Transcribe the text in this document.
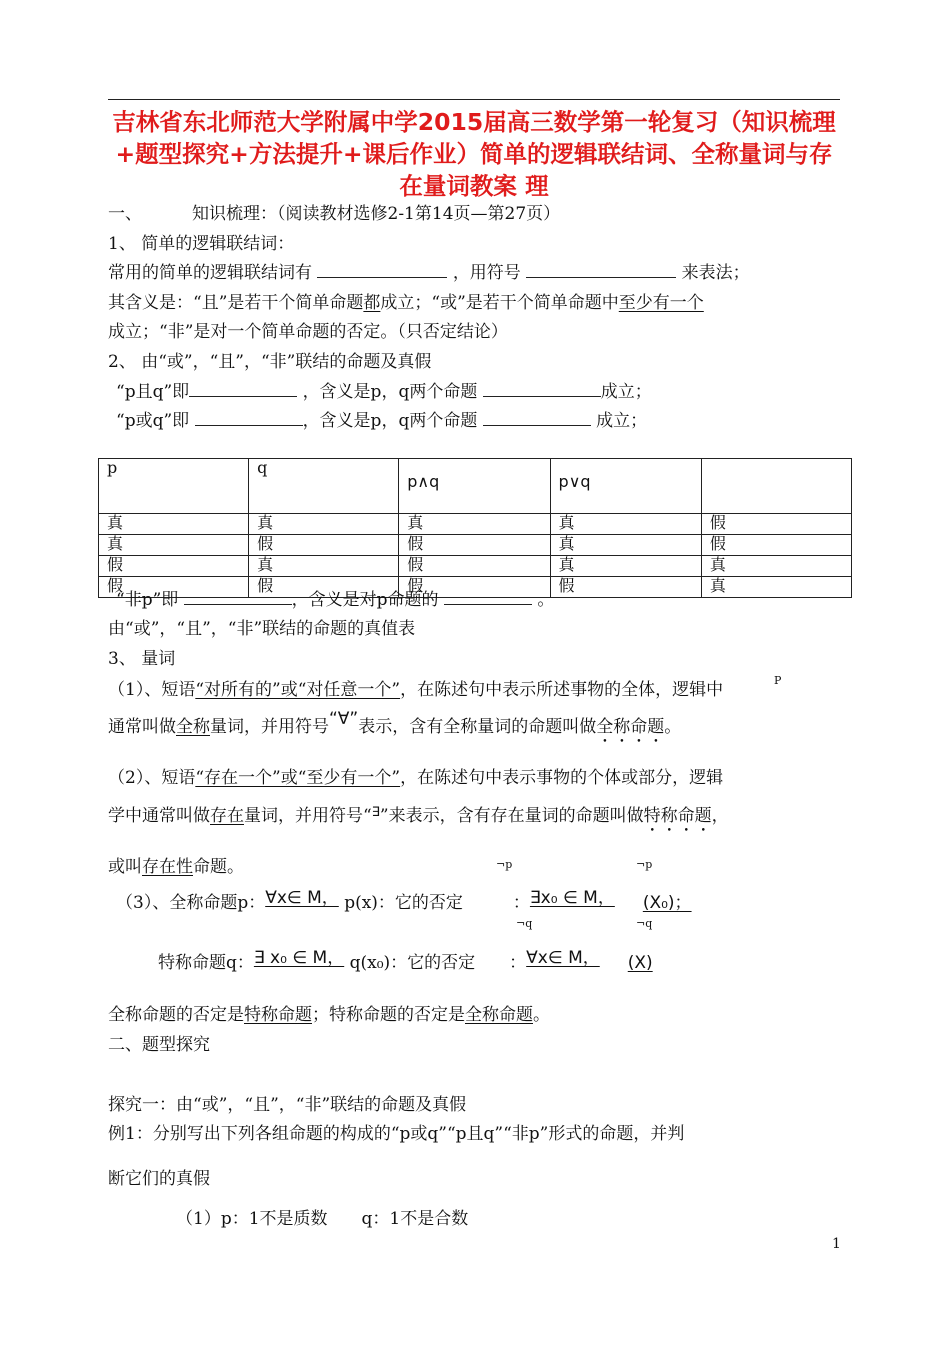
吉林省东北师范大学附属中学2015届高三数学第一轮复习（知识梳理+题型探究+方法提升+课后作业）简单的逻辑联结词、全称量词与存在量词教案 理
一、	知识梳理：（阅读教材选修2-1第14页—第27页）
1、 简单的逻辑联结词：
常用的简单的逻辑联结词有	，用符号	来表法；
其含义是：“且”是若干个简单命题都成立；“或”是若干个简单命题中至少有一个
成立；“非”是对一个简单命题的否定。（只否定结论）
2、 由“或”，“且”，“非”联结的命题及真假
“p且q”即	，含义是p，q两个命题	成立；
“p或q”即	，含义是p，q两个命题	成立；
p	q	p∧q	p∨q	
真	真	真	真	假
真	假	假	真	假
假	真	假	真	真
假	假	假	假	真
“非p”即	，含义是对p命题的	。
由“或”，“且”，“非”联结的命题的真值表
3、 量词
（1）、短语“对所有的”或“对任意一个”，在陈述句中表示所述事物的全体，逻辑中	P
通常叫做全称量词，并用符号“∀”表示，含有全称量词的命题叫做全称命题。
（2）、短语“存在一个”或“至少有一个”，在陈述句中表示事物的个体或部分，逻辑
学中通常叫做存在量词，并用符号“∃”来表示，含有存在量词的命题叫做特称命题，
或叫存在性命题。	¬p	¬p
¬q	¬q
（3）、全称命题p：∀x∈ M， p(x)：它的否定	：∃x₀ ∈ M， (X₀)；
特称命题q：∃ x₀ ∈ M， q(x₀)：它的否定 ：∀x∈ M， (X)
全称命题的否定是特称命题；特称命题的否定是全称命题。
二、题型探究
探究一：由“或”，“且”，“非”联结的命题及真假
例1：分别写出下列各组命题的构成的“p或q”“p且q”“非p”形式的命题，并判
断它们的真假
（1）p：1不是质数　　q：1不是合数
1
